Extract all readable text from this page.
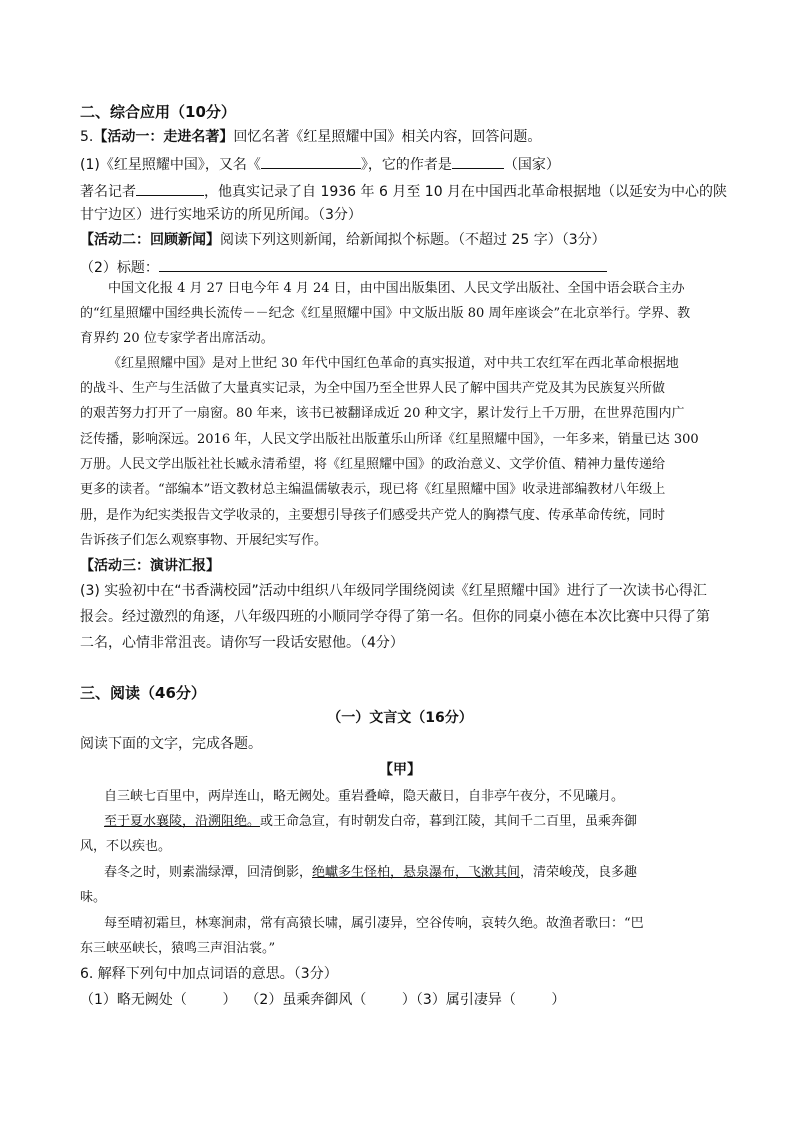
二、综合应用（10分）
5.【活动一：走进名著】回忆名著《红星照耀中国》相关内容，回答问题。
(1)《红星照耀中国》，又名《	》，它的作者是	（国家）
著名记者	，他真实记录了自 1936 年 6 月至 10 月在中国西北革命根据地（以延安为中心的陕
甘宁边区）进行实地采访的所见所闻。（3分）
【活动二：回顾新闻】阅读下列这则新闻，给新闻拟个标题。（不超过 25 字）（3分）
（2）标题：
中国文化报 4 月 27 日电今年 4 月 24 日，由中国出版集团、人民文学出版社、全国中语会联合主办
的“红星照耀中国经典长流传－－纪念《红星照耀中国》中文版出版 80 周年座谈会”在北京举行。学界、教
育界约 20 位专家学者出席活动。
《红星照耀中国》是对上世纪 30 年代中国红色革命的真实报道，对中共工农红军在西北革命根据地
的战斗、生产与生活做了大量真实记录，为全中国乃至全世界人民了解中国共产党及其为民族复兴所做
的艰苦努力打开了一扇窗。80 年来，该书已被翻译成近 20 种文字，累计发行上千万册，在世界范围内广
泛传播，影响深远。2016 年，人民文学出版社出版董乐山所译《红星照耀中国》，一年多来，销量已达 300
万册。人民文学出版社社长臧永清希望，将《红星照耀中国》的政治意义、文学价值、精神力量传递给
更多的读者。“部编本”语文教材总主编温儒敏表示，现已将《红星照耀中国》收录进部编教材八年级上
册，是作为纪实类报告文学收录的，主要想引导孩子们感受共产党人的胸襟气度、传承革命传统，同时
告诉孩子们怎么观察事物、开展纪实写作。
【活动三：演讲汇报】
(3) 实验初中在“书香满校园”活动中组织八年级同学围绕阅读《红星照耀中国》进行了一次读书心得汇
报会。经过激烈的角逐，八年级四班的小顺同学夺得了第一名。但你的同桌小德在本次比赛中只得了第
二名，心情非常沮丧。请你写一段话安慰他。（4分）
三、阅读（46分）
（一）文言文（16分）
阅读下面的文字，完成各题。
【甲】
自三峡七百里中，两岸连山，略无阙处。重岩叠嶂，隐天蔽日，自非亭午夜分，不见曦月。
至于夏水襄陵，沿溯阻绝。或王命急宣，有时朝发白帝，暮到江陵，其间千二百里，虽乘奔御
风，不以疾也。
春冬之时，则素湍绿潭，回清倒影，绝巘多生怪柏，悬泉瀑布，飞漱其间，清荣峻茂，良多趣
味。
每至晴初霜旦，林寒涧肃，常有高猿长啸，属引凄异，空谷传响，哀转久绝。故渔者歌曰：“巴
东三峡巫峡长，猿鸣三声泪沾裳。”
6. 解释下列句中加点词语的意思。（3分）
（1）略无阙处（        ）  （2）虽乘奔御风（        ）（3）属引凄异（        ）
